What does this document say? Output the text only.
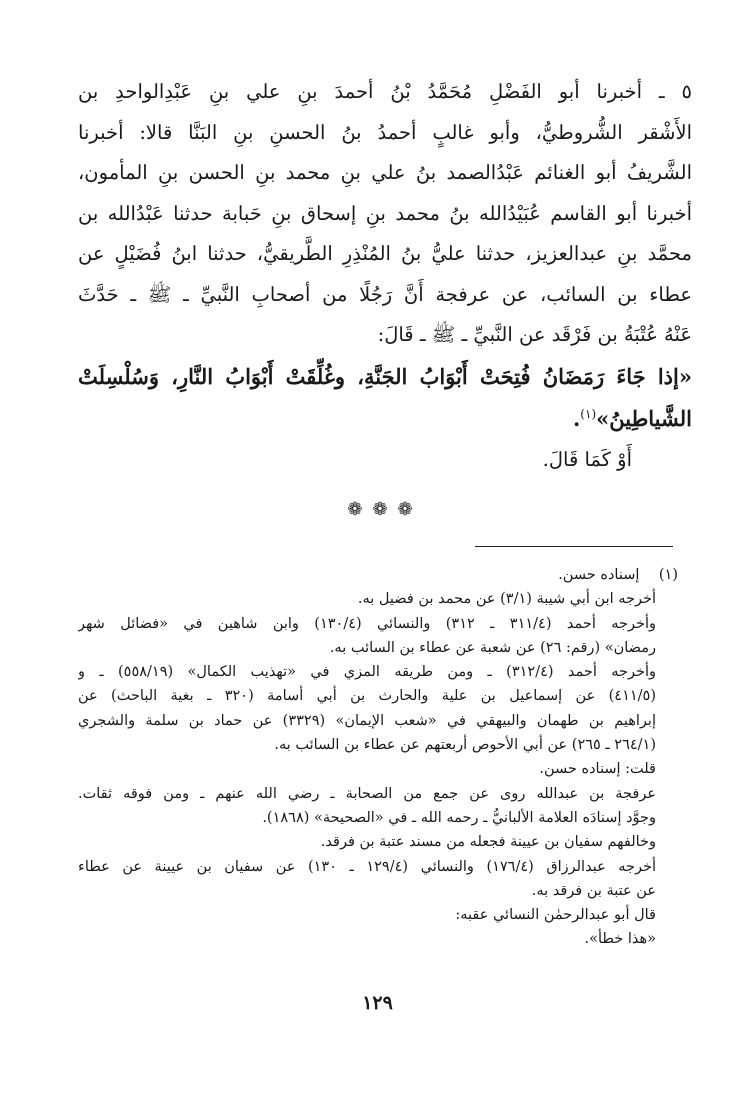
٥ ـ أخبرنا أبو الفَضْلِ مُحَمَّدُ بْنُ أحمدَ بنِ علي بنِ عَبْدِالواحدِ بن
الأَشْقر الشُّروطيُّ، وأبو غالبٍ أحمدُ بنُ الحسنِ بنِ البَنَّا قالا: أخبرنا
الشَّريفُ أبو الغنائم عَبْدُالصمد بنُ علي بنِ محمد بنِ الحسن بنِ المأمون،
أخبرنا أبو القاسم عُبَيْدُالله بنُ محمد بنِ إسحاق بنِ حَبابة حدثنا عَبْدُالله بن
محمَّد بنِ عبدالعزيز، حدثنا عليُّ بنُ المُنْذِرِ الطَّريقيُّ، حدثنا ابنُ فُضَيْلٍ عن
عطاء بن السائب، عن عرفجة أَنَّ رَجُلًا من أصحابِ النَّبيِّ ـ ﷺ ـ حَدَّثَ
عَنْهُ عُتْبَةُ بن فَرْقَد عن النَّبيِّ ـ ﷺ ـ قَالَ:
«إذا جَاءَ رَمَضَانُ فُتِحَتْ أَبْوَابُ الجَنَّةِ، وغُلِّقَتْ أَبْوَابُ النَّارِ، وَسُلْسِلَتْ
الشَّياطِينُ»$^{(١)}$.
أَوْ كَمَا قَالَ.
❁❁❁
(١) إسناده حسن.
أخرجه ابن أبي شيبة (٣/١) عن محمد بن فضيل به.
وأخرجه أحمد (٣١١/٤ ـ ٣١٢) والنسائي (١٣٠/٤) وابن شاهين في «فضائل شهر
رمضان» (رقم: ٢٦) عن شعبة عن عطاء بن السائب به.
وأخرجه أحمد (٣١٢/٤) ـ ومن طريقه المزي في «تهذيب الكمال» (٥٥٨/١٩) ـ و
(٤١١/٥) عن إسماعيل بن علية والحارث بن أبي أسامة (٣٢٠ ـ بغية الباحث) عن
إبراهيم بن طهمان والبيهقي في «شعب الإيمان» (٣٣٢٩) عن حماد بن سلمة والشجري
(٢٦٤/١ ـ ٢٦٥) عن أبي الأحوص أربعتهم عن عطاء بن السائب به.
قلت: إسناده حسن.
عرفجة بن عبدالله روى عن جمع من الصحابة ـ رضي الله عنهم ـ ومن فوقه ثقات.
وجوَّد إسنادَه العلامة الألبانيُّ ـ رحمه الله ـ في «الصحيحة» (١٨٦٨).
وخالفهم سفيان بن عيينة فجعله من مسند عتبة بن فرقد.
أخرجه عبدالرزاق (١٧٦/٤) والنسائي (١٢٩/٤ ـ ١٣٠) عن سفيان بن عيينة عن عطاء
عن عتبة بن فرقد به.
قال أبو عبدالرحمٰن النسائي عقبه:
«هذا خطأ».
١٢٩
